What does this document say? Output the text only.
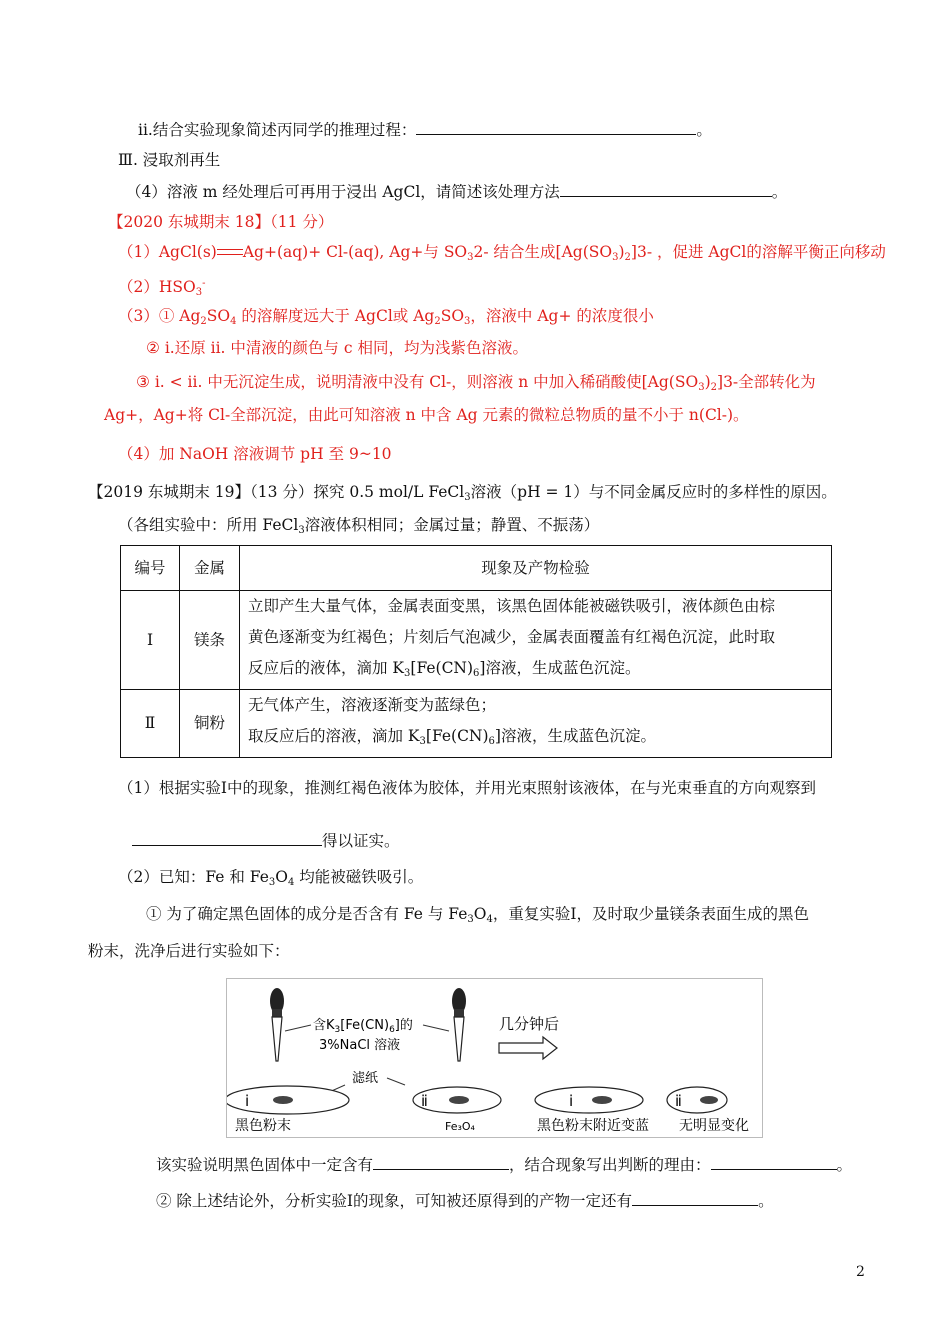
ii.结合实验现象简述丙同学的推理过程：	。
Ⅲ. 浸取剂再生
（4）溶液 m 经处理后可再用于浸出 AgCl，请简述该处理方法	。
【2020 东城期末 18】（11 分）
（1）AgCl(s) Ag+(aq)+ Cl-(aq), Ag+与 $SO_32-$ 结合生成$[Ag(SO_3)_2]3-$ ，促进 AgCl的溶解平衡正向移动
$(2)HSO_3^-$
（3）① $Ag_2SO_4$ 的溶解度远大于 AgCl或 $Ag_2SO_3$，溶液中 Ag+ 的浓度很小
② i.还原 ii. 中清液的颜色与 c 相同，均为浅紫色溶液。
③ i. < ii. 中无沉淀生成，说明清液中没有 Cl-，则溶液 n 中加入稀硝酸使$[Ag(SO_3)_2]3-$全部转化为
Ag+，Ag+将 Cl-全部沉淀，由此可知溶液 n 中含 Ag 元素的微粒总物质的量不小于 n(Cl-)。
（4）加 NaOH 溶液调节 pH 至 9~10
【2019 东城期末 19】（13 分）探究 0.5 mol/L FeCl$_3$溶液（pH = 1）与不同金属反应时的多样性的原因。
（各组实验中：所用 FeCl$_3$溶液体积相同；金属过量；静置、不振荡）
编号	金属	现象及产物检验
Ⅰ	镁条	立即产生大量气体，金属表面变黑，该黑色固体能被磁铁吸引，液体颜色由棕
黄色逐渐变为红褐色；片刻后气泡减少，金属表面覆盖有红褐色沉淀，此时取
反应后的液体，滴加 $K_3[Fe(CN)_6]$溶液，生成蓝色沉淀。

Ⅱ	铜粉	无气体产生，溶液逐渐变为蓝绿色；
取反应后的溶液，滴加 $K_3[Fe(CN)_6]$溶液，生成蓝色沉淀。
（1）根据实验Ⅰ中的现象，推测红褐色液体为胶体，并用光束照射该液体，在与光束垂直的方向观察到
得以证实。
（2）已知：Fe 和 $Fe_3O_4$ 均能被磁铁吸引。
① 为了确定黑色固体的成分是否含有 Fe 与 $Fe_3O_4$，重复实验Ⅰ，及时取少量镁条表面生成的黑色
粉末，洗净后进行实验如下：
含$K_3[Fe(CN)_6]$的
3%NaCl 溶液
几分钟后
滤纸
ⅰ	ⅱ	ⅰ	ⅱ
黑色粉末	Fe₃O₄	黑色粉末附近变蓝 无明显变化
该实验说明黑色固体中一定含有	，结合现象写出判断的理由：	。
② 除上述结论外，分析实验Ⅰ的现象，可知被还原得到的产物一定还有	。
2
